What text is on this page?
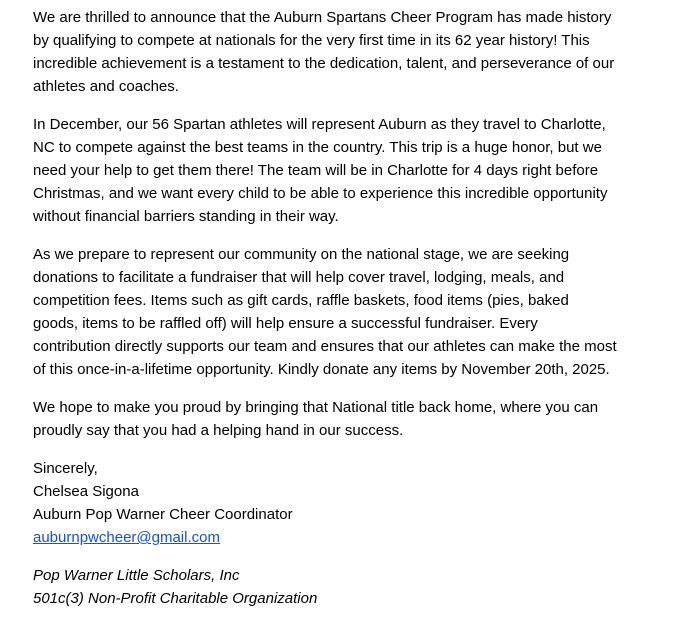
We are thrilled to announce that the Auburn Spartans Cheer Program has made history
by qualifying to compete at nationals for the very first time in its 62 year history! This
incredible achievement is a testament to the dedication, talent, and perseverance of our
athletes and coaches.
In December, our 56 Spartan athletes will represent Auburn as they travel to Charlotte,
NC to compete against the best teams in the country. This trip is a huge honor, but we
need your help to get them there! The team will be in Charlotte for 4 days right before
Christmas, and we want every child to be able to experience this incredible opportunity
without financial barriers standing in their way.
As we prepare to represent our community on the national stage, we are seeking
donations to facilitate a fundraiser that will help cover travel, lodging, meals, and
competition fees. Items such as gift cards, raffle baskets, food items (pies, baked
goods, items to be raffled off) will help ensure a successful fundraiser. Every
contribution directly supports our team and ensures that our athletes can make the most
of this once-in-a-lifetime opportunity. Kindly donate any items by November 20th, 2025.
We hope to make you proud by bringing that National title back home, where you can
proudly say that you had a helping hand in our success.
Sincerely,
Chelsea Sigona
Auburn Pop Warner Cheer Coordinator
auburnpwcheer@gmail.com
Pop Warner Little Scholars, Inc
501c(3) Non-Profit Charitable Organization
